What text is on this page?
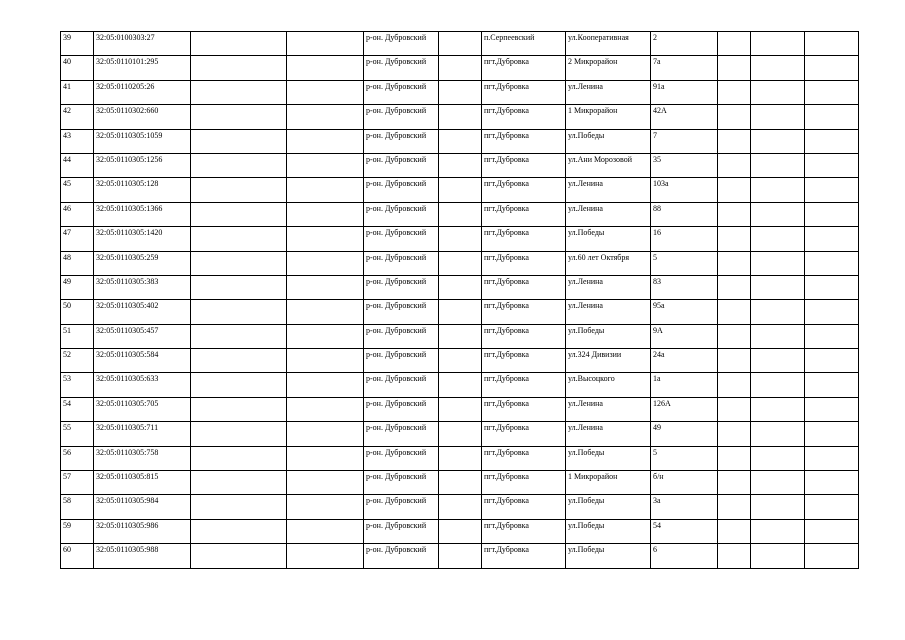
39	32:05:0100303:27			р-он. Дубровский		п.Серпеевский	ул.Кооперативная	2			
40	32:05:0110101:295			р-он. Дубровский		пгт.Дубровка	2 Микрорайон	7а			
41	32:05:0110205:26			р-он. Дубровский		пгт.Дубровка	ул.Ленина	91а			
42	32:05:0110302:660			р-он. Дубровский		пгт.Дубровка	1 Микрорайон	42А			
43	32:05:0110305:1059			р-он. Дубровский		пгт.Дубровка	ул.Победы	7			
44	32:05:0110305:1256			р-он. Дубровский		пгт.Дубровка	ул.Ани Морозовой	35			
45	32:05:0110305:128			р-он. Дубровский		пгт.Дубровка	ул.Ленина	103а			
46	32:05:0110305:1366			р-он. Дубровский		пгт.Дубровка	ул.Ленина	88			
47	32:05:0110305:1420			р-он. Дубровский		пгт.Дубровка	ул.Победы	16			
48	32:05:0110305:259			р-он. Дубровский		пгт.Дубровка	ул.60 лет Октября	5			
49	32:05:0110305:383			р-он. Дубровский		пгт.Дубровка	ул.Ленина	83			
50	32:05:0110305:402			р-он. Дубровский		пгт.Дубровка	ул.Ленина	95а			
51	32:05:0110305:457			р-он. Дубровский		пгт.Дубровка	ул.Победы	9А			
52	32:05:0110305:584			р-он. Дубровский		пгт.Дубровка	ул.324 Дивизии	24а			
53	32:05:0110305:633			р-он. Дубровский		пгт.Дубровка	ул.Высоцкого	1а			
54	32:05:0110305:705			р-он. Дубровский		пгт.Дубровка	ул.Ленина	126А			
55	32:05:0110305:711			р-он. Дубровский		пгт.Дубровка	ул.Ленина	49			
56	32:05:0110305:758			р-он. Дубровский		пгт.Дубровка	ул.Победы	5			
57	32:05:0110305:815			р-он. Дубровский		пгт.Дубровка	1 Микрорайон	б/н			
58	32:05:0110305:984			р-он. Дубровский		пгт.Дубровка	ул.Победы	3а			
59	32:05:0110305:986			р-он. Дубровский		пгт.Дубровка	ул.Победы	54			
60	32:05:0110305:988			р-он. Дубровский		пгт.Дубровка	ул.Победы	6			
